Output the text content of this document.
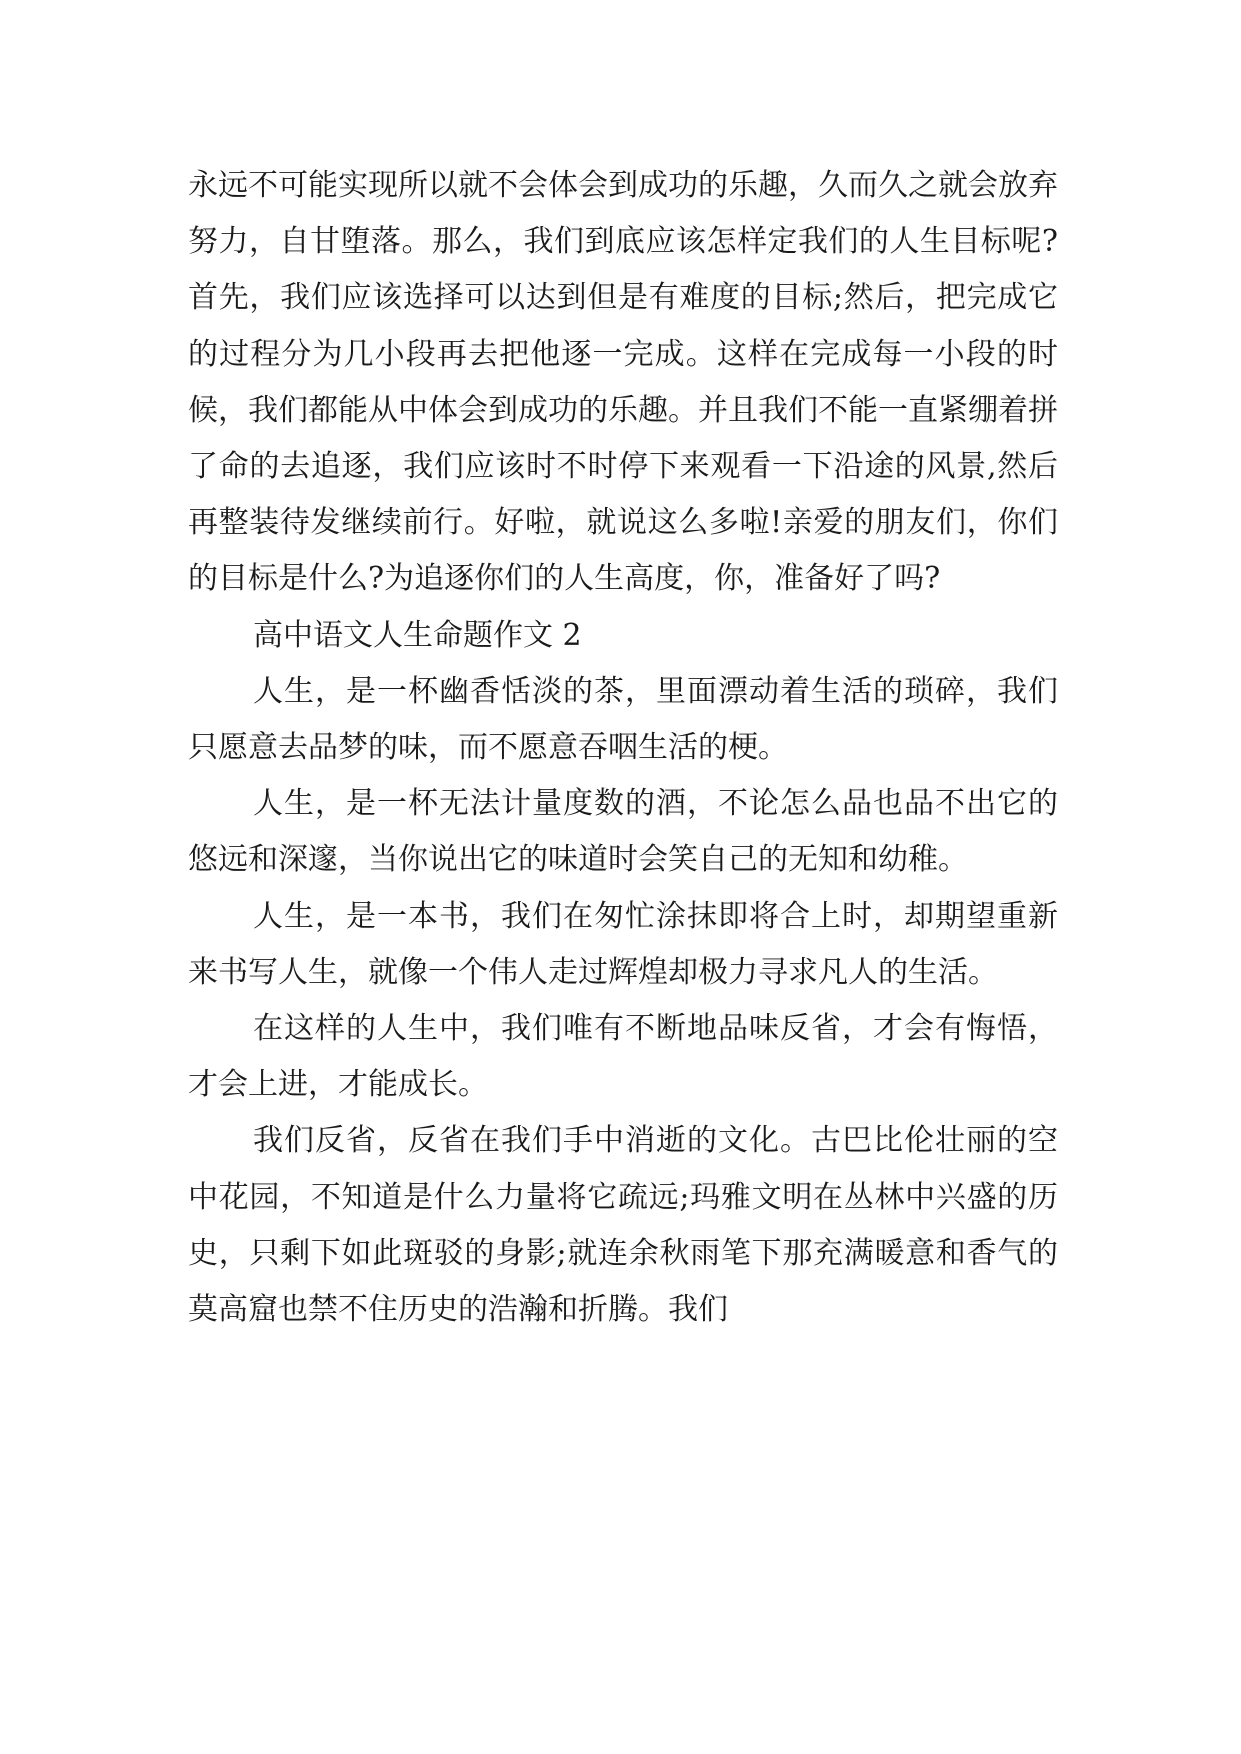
永远不可能实现所以就不会体会到成功的乐趣，久而久之就会放弃努力，自甘堕落。那么，我们到底应该怎样定我们的人生目标呢?首先，我们应该选择可以达到但是有难度的目标;然后，把完成它的过程分为几小段再去把他逐一完成。这样在完成每一小段的时候，我们都能从中体会到成功的乐趣。并且我们不能一直紧绷着拼了命的去追逐，我们应该时不时停下来观看一下沿途的风景,然后再整装待发继续前行。好啦，就说这么多啦!亲爱的朋友们，你们的目标是什么?为追逐你们的人生高度，你，准备好了吗?

高中语文人生命题作文 2

人生，是一杯幽香恬淡的茶，里面漂动着生活的琐碎，我们只愿意去品梦的味，而不愿意吞咽生活的梗。

人生，是一杯无法计量度数的酒，不论怎么品也品不出它的悠远和深邃，当你说出它的味道时会笑自己的无知和幼稚。

人生，是一本书，我们在匆忙涂抹即将合上时，却期望重新来书写人生，就像一个伟人走过辉煌却极力寻求凡人的生活。

在这样的人生中，我们唯有不断地品味反省，才会有悔悟，才会上进，才能成长。

我们反省，反省在我们手中消逝的文化。古巴比伦壮丽的空中花园，不知道是什么力量将它疏远;玛雅文明在丛林中兴盛的历史，只剩下如此斑驳的身影;就连余秋雨笔下那充满暖意和香气的莫高窟也禁不住历史的浩瀚和折腾。我们
